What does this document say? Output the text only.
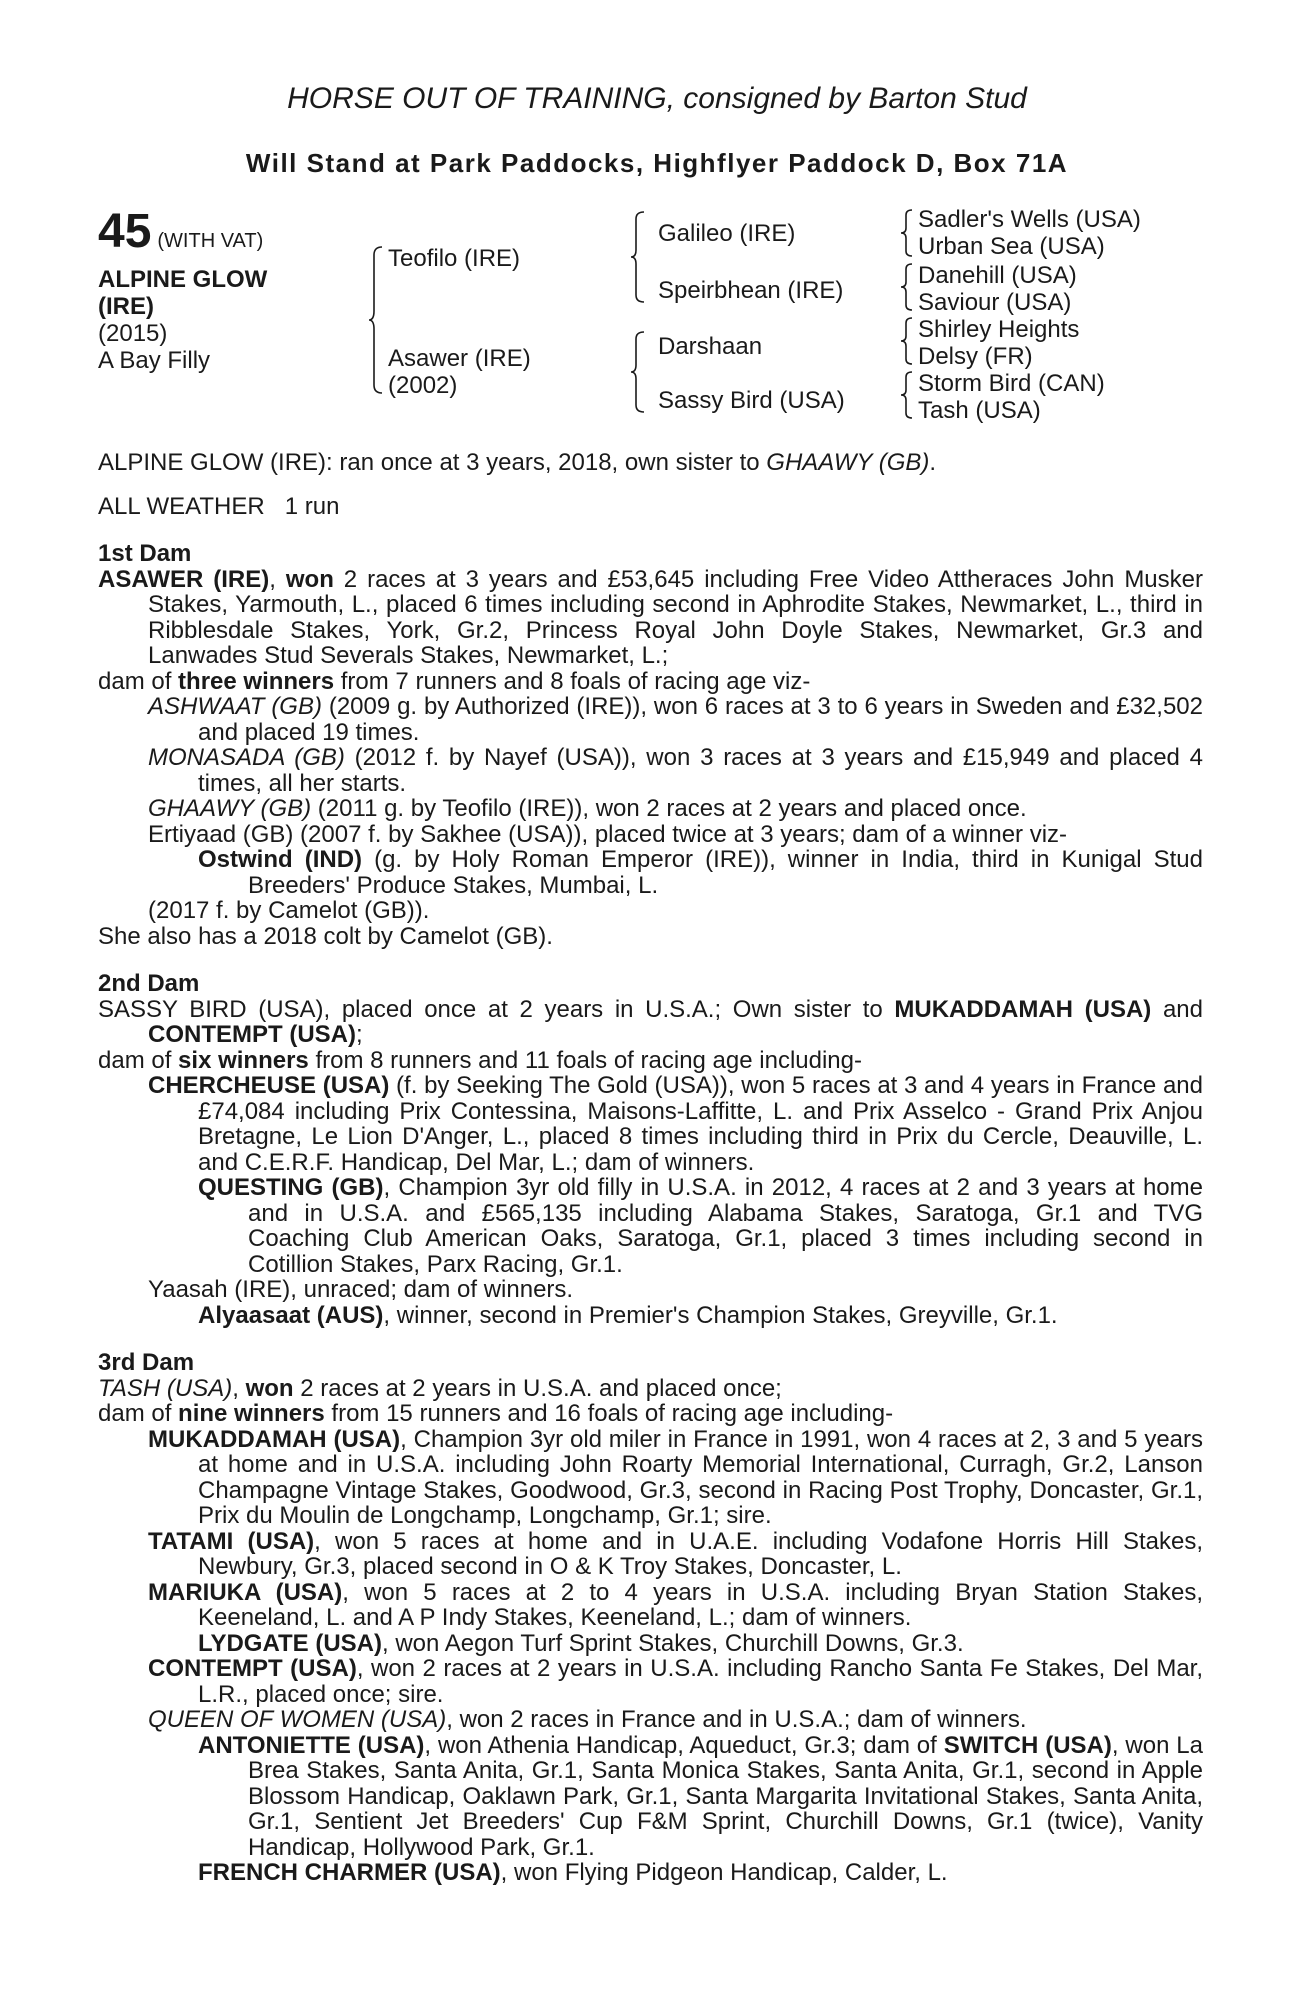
HORSE OUT OF TRAINING, consigned by Barton Stud
Will Stand at Park Paddocks, Highflyer Paddock D, Box 71A
45 (WITH VAT)
ALPINE GLOW
(IRE)
(2015)
A Bay Filly
Teofilo (IRE)
Asawer (IRE)
(2002)
Galileo (IRE)
Speirbhean (IRE)
Darshaan
Sassy Bird (USA)
Sadler's Wells (USA)
Urban Sea (USA)
Danehill (USA)
Saviour (USA)
Shirley Heights
Delsy (FR)
Storm Bird (CAN)
Tash (USA)

ALPINE GLOW (IRE): ran once at 3 years, 2018, own sister to GHAAWY (GB).

ALL WEATHER 1 run

1st Dam

ASAWER (IRE), won 2 races at 3 years and £53,645 including Free Video Attheraces John Musker Stakes, Yarmouth, L., placed 6 times including second in Aphrodite Stakes, Newmarket, L., third in Ribblesdale Stakes, York, Gr.2, Princess Royal John Doyle Stakes, Newmarket, Gr.3 and Lanwades Stud Severals Stakes, Newmarket, L.;

dam of three winners from 7 runners and 8 foals of racing age viz-

ASHWAAT (GB) (2009 g. by Authorized (IRE)), won 6 races at 3 to 6 years in Sweden and £32,502 and placed 19 times.

MONASADA (GB) (2012 f. by Nayef (USA)), won 3 races at 3 years and £15,949 and placed 4 times, all her starts.

GHAAWY (GB) (2011 g. by Teofilo (IRE)), won 2 races at 2 years and placed once.

Ertiyaad (GB) (2007 f. by Sakhee (USA)), placed twice at 3 years; dam of a winner viz-

Ostwind (IND) (g. by Holy Roman Emperor (IRE)), winner in India, third in Kunigal Stud Breeders' Produce Stakes, Mumbai, L.

(2017 f. by Camelot (GB)).

She also has a 2018 colt by Camelot (GB).

2nd Dam

SASSY BIRD (USA), placed once at 2 years in U.S.A.; Own sister to MUKADDAMAH (USA) and CONTEMPT (USA);

dam of six winners from 8 runners and 11 foals of racing age including-

CHERCHEUSE (USA) (f. by Seeking The Gold (USA)), won 5 races at 3 and 4 years in France and £74,084 including Prix Contessina, Maisons-Laffitte, L. and Prix Asselco - Grand Prix Anjou Bretagne, Le Lion D'Anger, L., placed 8 times including third in Prix du Cercle, Deauville, L. and C.E.R.F. Handicap, Del Mar, L.; dam of winners.

QUESTING (GB), Champion 3yr old filly in U.S.A. in 2012, 4 races at 2 and 3 years at home and in U.S.A. and £565,135 including Alabama Stakes, Saratoga, Gr.1 and TVG Coaching Club American Oaks, Saratoga, Gr.1, placed 3 times including second in Cotillion Stakes, Parx Racing, Gr.1.

Yaasah (IRE), unraced; dam of winners.

Alyaasaat (AUS), winner, second in Premier's Champion Stakes, Greyville, Gr.1.

3rd Dam

TASH (USA), won 2 races at 2 years in U.S.A. and placed once;

dam of nine winners from 15 runners and 16 foals of racing age including-

MUKADDAMAH (USA), Champion 3yr old miler in France in 1991, won 4 races at 2, 3 and 5 years at home and in U.S.A. including John Roarty Memorial International, Curragh, Gr.2, Lanson Champagne Vintage Stakes, Goodwood, Gr.3, second in Racing Post Trophy, Doncaster, Gr.1, Prix du Moulin de Longchamp, Longchamp, Gr.1; sire.

TATAMI (USA), won 5 races at home and in U.A.E. including Vodafone Horris Hill Stakes, Newbury, Gr.3, placed second in O & K Troy Stakes, Doncaster, L.

MARIUKA (USA), won 5 races at 2 to 4 years in U.S.A. including Bryan Station Stakes, Keeneland, L. and A P Indy Stakes, Keeneland, L.; dam of winners.

LYDGATE (USA), won Aegon Turf Sprint Stakes, Churchill Downs, Gr.3.

CONTEMPT (USA), won 2 races at 2 years in U.S.A. including Rancho Santa Fe Stakes, Del Mar, L.R., placed once; sire.

QUEEN OF WOMEN (USA), won 2 races in France and in U.S.A.; dam of winners.

ANTONIETTE (USA), won Athenia Handicap, Aqueduct, Gr.3; dam of SWITCH (USA), won La Brea Stakes, Santa Anita, Gr.1, Santa Monica Stakes, Santa Anita, Gr.1, second in Apple Blossom Handicap, Oaklawn Park, Gr.1, Santa Margarita Invitational Stakes, Santa Anita, Gr.1, Sentient Jet Breeders' Cup F&M Sprint, Churchill Downs, Gr.1 (twice), Vanity Handicap, Hollywood Park, Gr.1.

FRENCH CHARMER (USA), won Flying Pidgeon Handicap, Calder, L.
